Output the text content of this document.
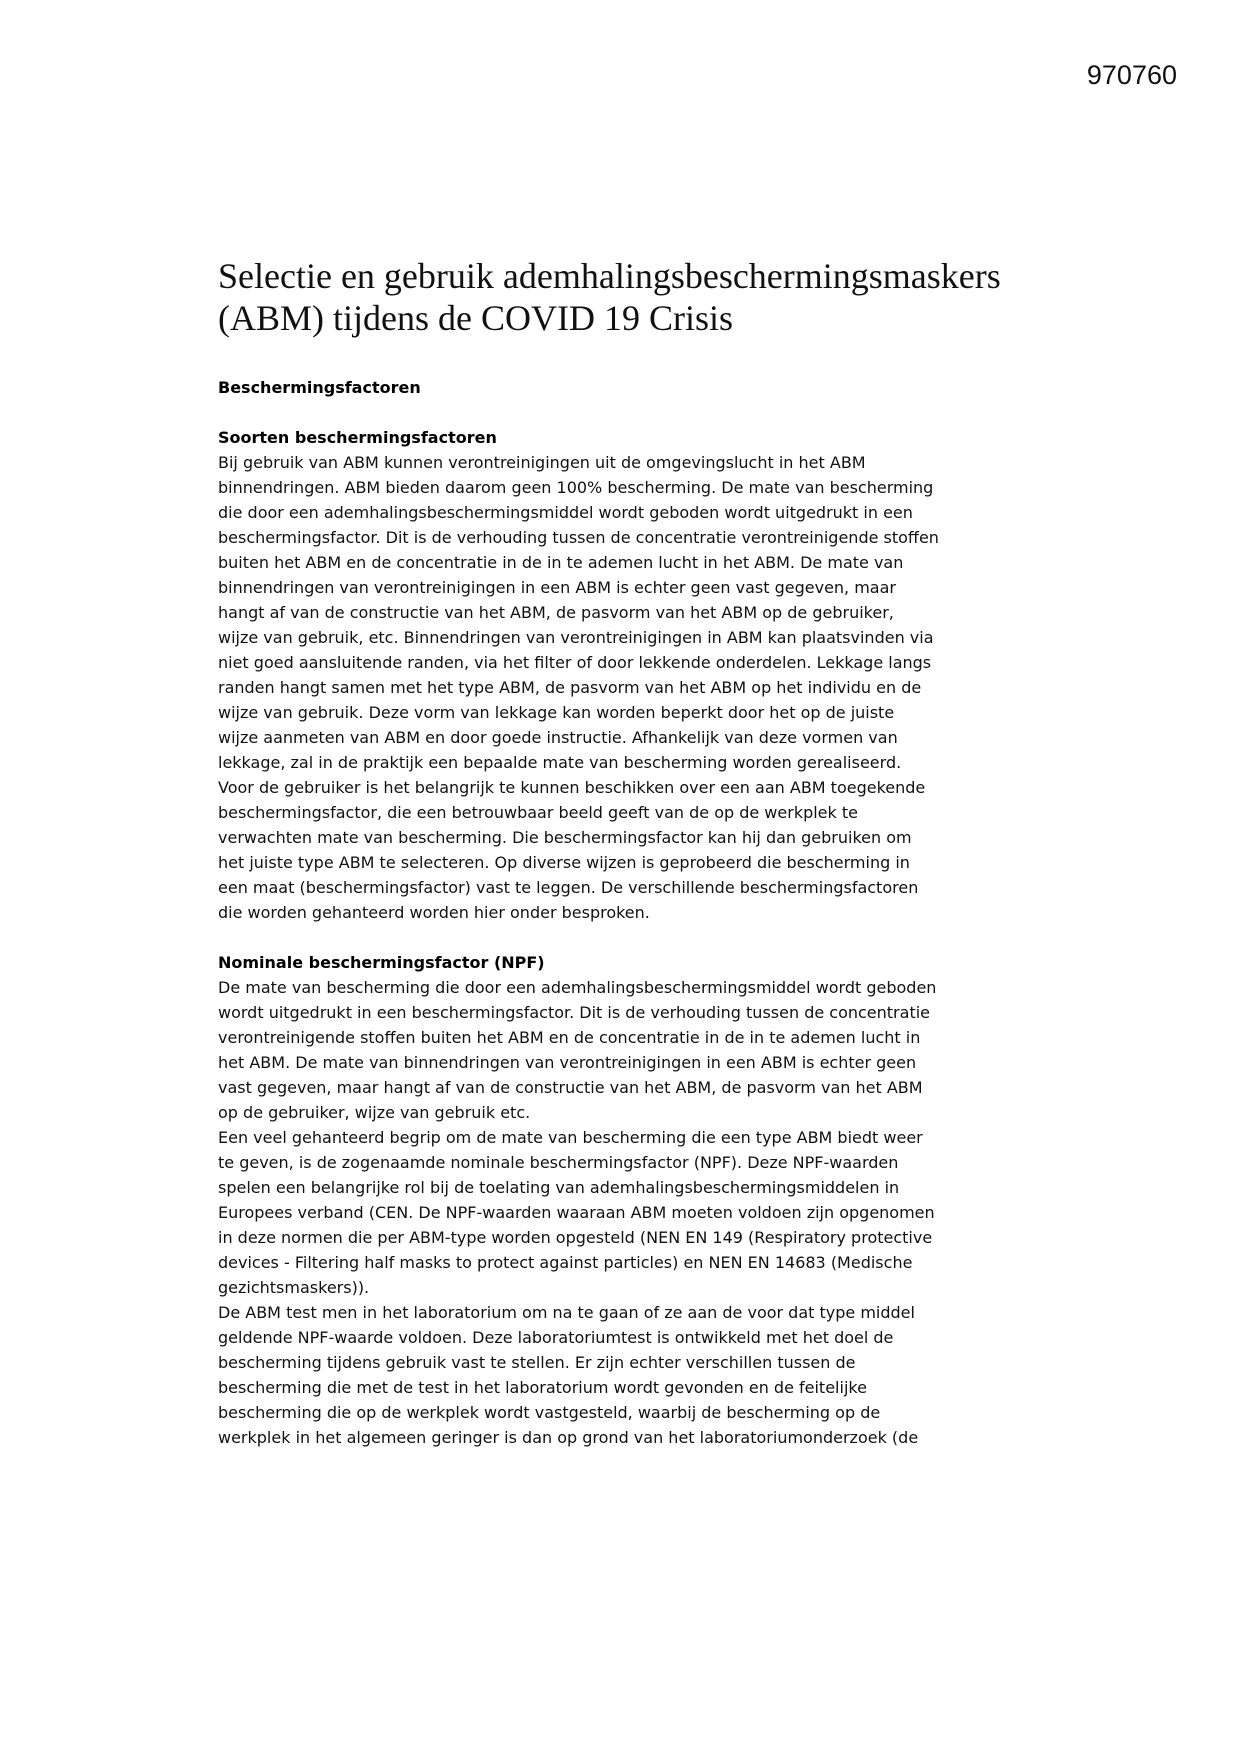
970760
Selectie en gebruik ademhalingsbeschermingsmaskers
(ABM) tijdens de COVID 19 Crisis

Beschermingsfactoren

Soorten beschermingsfactoren

Bij gebruik van ABM kunnen verontreinigingen uit de omgevingslucht in het ABM
binnendringen. ABM bieden daarom geen 100% bescherming. De mate van bescherming
die door een ademhalingsbeschermingsmiddel wordt geboden wordt uitgedrukt in een
beschermingsfactor. Dit is de verhouding tussen de concentratie verontreinigende stoffen
buiten het ABM en de concentratie in de in te ademen lucht in het ABM. De mate van
binnendringen van verontreinigingen in een ABM is echter geen vast gegeven, maar
hangt af van de constructie van het ABM, de pasvorm van het ABM op de gebruiker,
wijze van gebruik, etc. Binnendringen van verontreinigingen in ABM kan plaatsvinden via
niet goed aansluitende randen, via het filter of door lekkende onderdelen. Lekkage langs
randen hangt samen met het type ABM, de pasvorm van het ABM op het individu en de
wijze van gebruik. Deze vorm van lekkage kan worden beperkt door het op de juiste
wijze aanmeten van ABM en door goede instructie. Afhankelijk van deze vormen van
lekkage, zal in de praktijk een bepaalde mate van bescherming worden gerealiseerd.
Voor de gebruiker is het belangrijk te kunnen beschikken over een aan ABM toegekende
beschermingsfactor, die een betrouwbaar beeld geeft van de op de werkplek te
verwachten mate van bescherming. Die beschermingsfactor kan hij dan gebruiken om
het juiste type ABM te selecteren. Op diverse wijzen is geprobeerd die bescherming in
een maat (beschermingsfactor) vast te leggen. De verschillende beschermingsfactoren
die worden gehanteerd worden hier onder besproken.

Nominale beschermingsfactor (NPF)

De mate van bescherming die door een ademhalingsbeschermingsmiddel wordt geboden
wordt uitgedrukt in een beschermingsfactor. Dit is de verhouding tussen de concentratie
verontreinigende stoffen buiten het ABM en de concentratie in de in te ademen lucht in
het ABM. De mate van binnendringen van verontreinigingen in een ABM is echter geen
vast gegeven, maar hangt af van de constructie van het ABM, de pasvorm van het ABM
op de gebruiker, wijze van gebruik etc.

Een veel gehanteerd begrip om de mate van bescherming die een type ABM biedt weer
te geven, is de zogenaamde nominale beschermingsfactor (NPF). Deze NPF-waarden
spelen een belangrijke rol bij de toelating van ademhalingsbeschermingsmiddelen in
Europees verband (CEN. De NPF-waarden waaraan ABM moeten voldoen zijn opgenomen
in deze normen die per ABM-type worden opgesteld (NEN EN 149 (Respiratory protective
devices - Filtering half masks to protect against particles) en NEN EN 14683 (Medische
gezichtsmaskers)).

De ABM test men in het laboratorium om na te gaan of ze aan de voor dat type middel
geldende NPF-waarde voldoen. Deze laboratoriumtest is ontwikkeld met het doel de
bescherming tijdens gebruik vast te stellen. Er zijn echter verschillen tussen de
bescherming die met de test in het laboratorium wordt gevonden en de feitelijke
bescherming die op de werkplek wordt vastgesteld, waarbij de bescherming op de
werkplek in het algemeen geringer is dan op grond van het laboratoriumonderzoek (de
